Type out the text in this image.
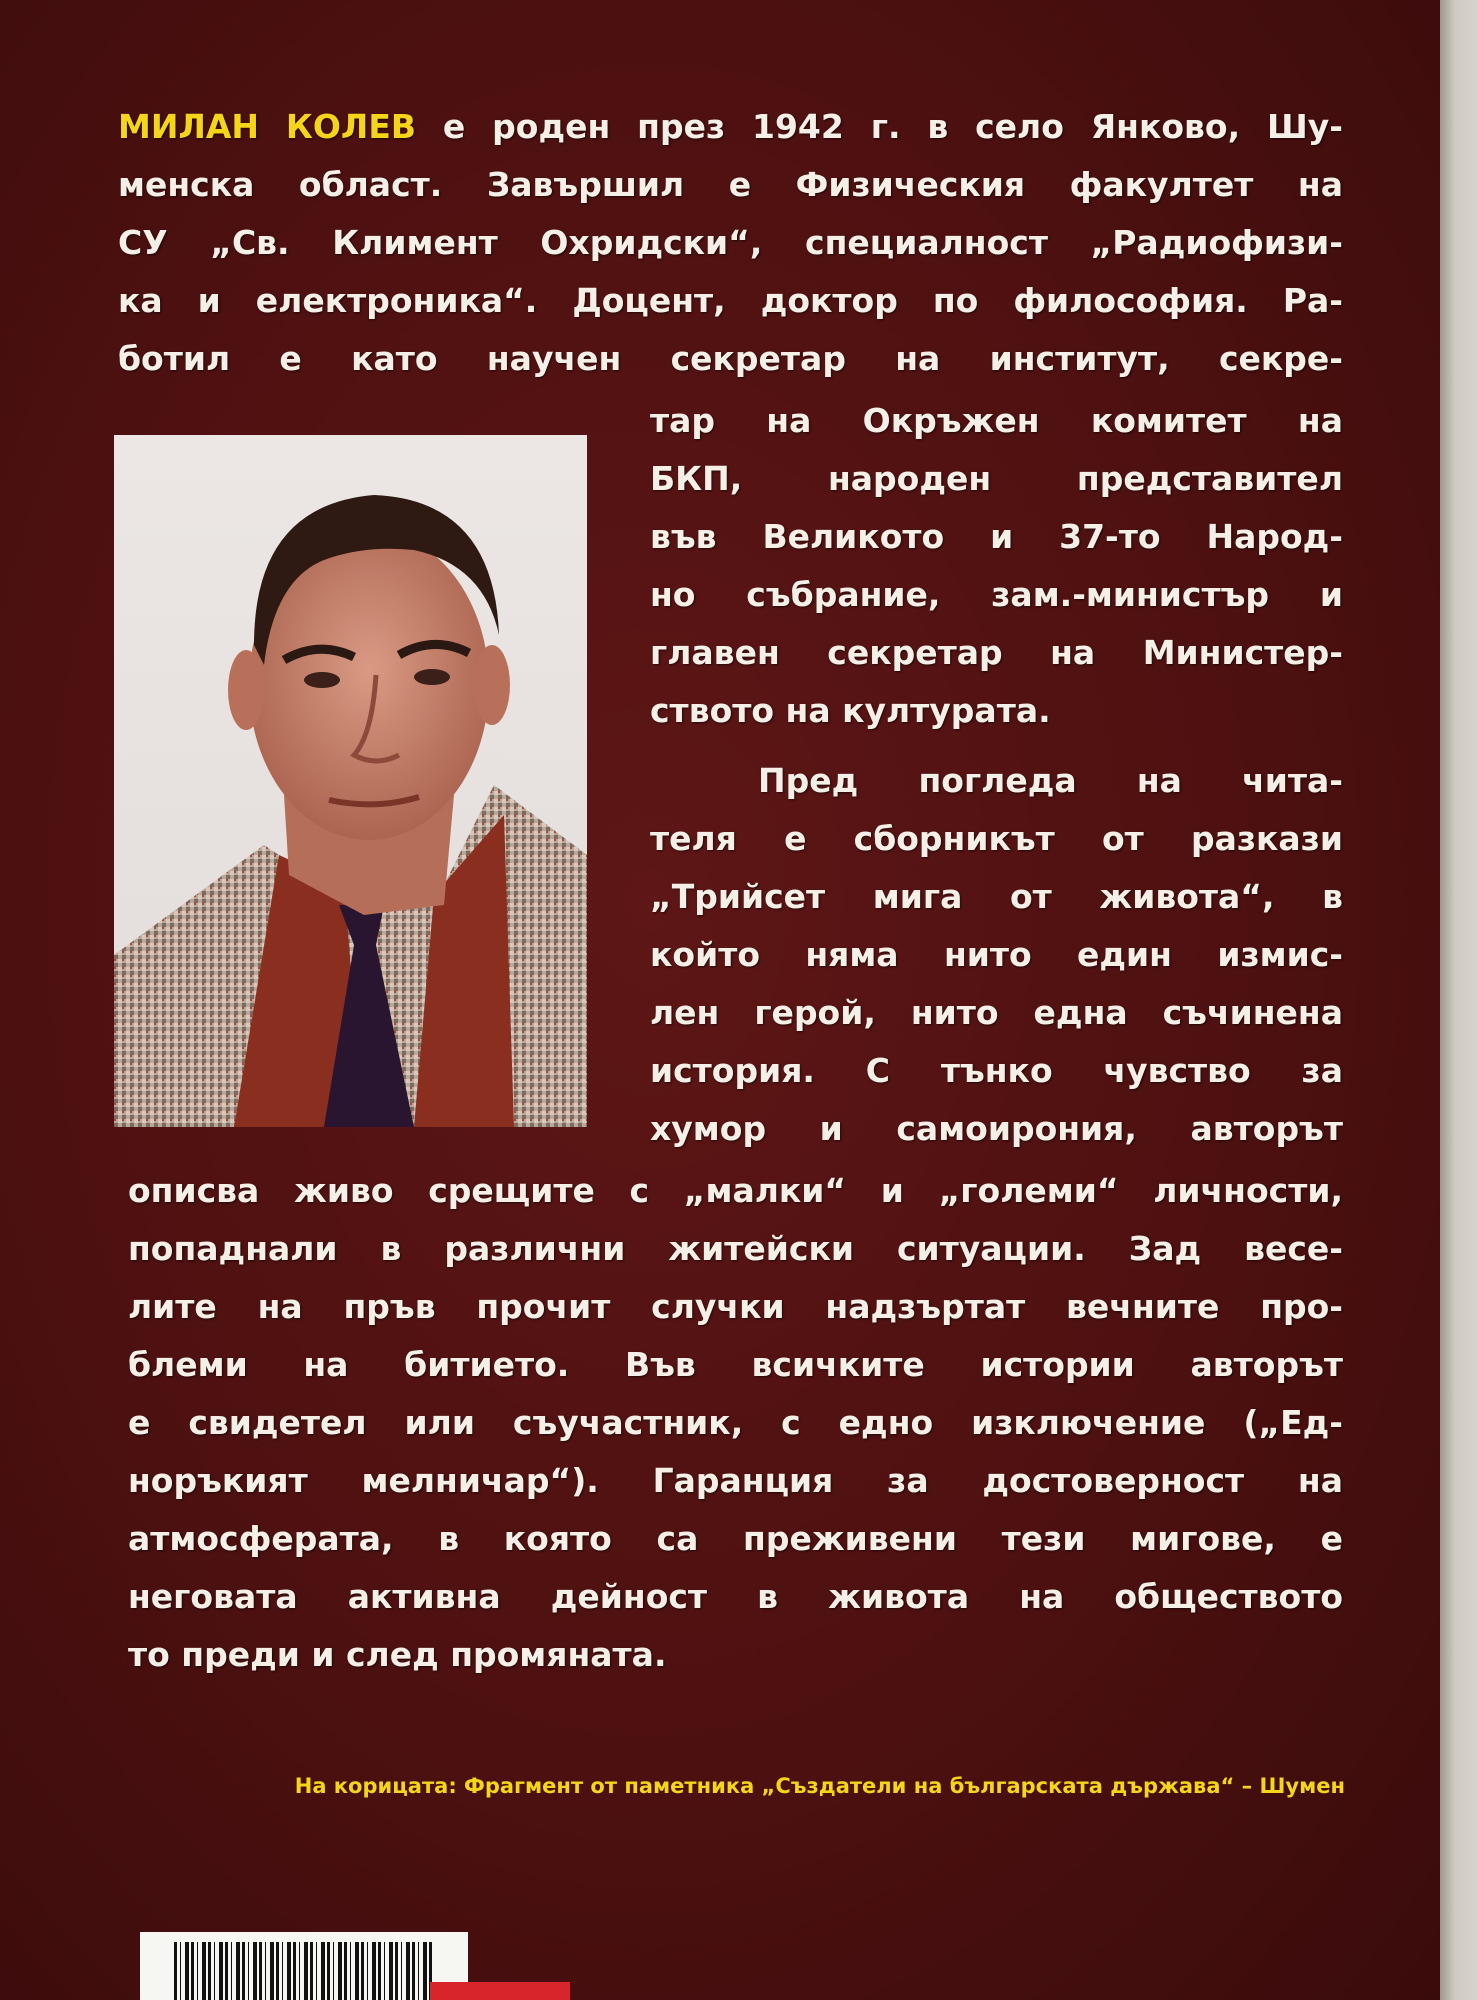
МИЛАН КОЛЕВ е роден през 1942 г. в село Янково, Шу-

менска област. Завършил е Физическия факултет на

СУ „Св. Климент Охридски“, специалност „Радиофизи-

ка и електроника“. Доцент, доктор по философия. Ра-

ботил е като научен секретар на институт, секре-

тар на Окръжен комитет на

БКП, народен представител

във Великото и 37-то Народ-

но събрание, зам.-министър и

главен секретар на Министер-

ството на културата.

Пред погледа на чита-

теля е сборникът от разкази

„Трийсет мига от живота“, в

който няма нито един измис-

лен герой, нито една съчинена

история. С тънко чувство за

хумор и самоирония, авторът

описва живо срещите с „малки“ и „големи“ личности,

попаднали в различни житейски ситуации. Зад весе-

лите на пръв прочит случки надзъртат вечните про-

блеми на битието. Във всичките истории авторът

е свидетел или съучастник, с едно изключение („Ед-

норъкият мелничар“). Гаранция за достоверност на

атмосферата, в която са преживени тези мигове, е

неговата активна дейност в живота на обществото

то преди и след промяната.

На корицата: Фрагмент от паметника „Създатели на българската държава“ – Шумен
